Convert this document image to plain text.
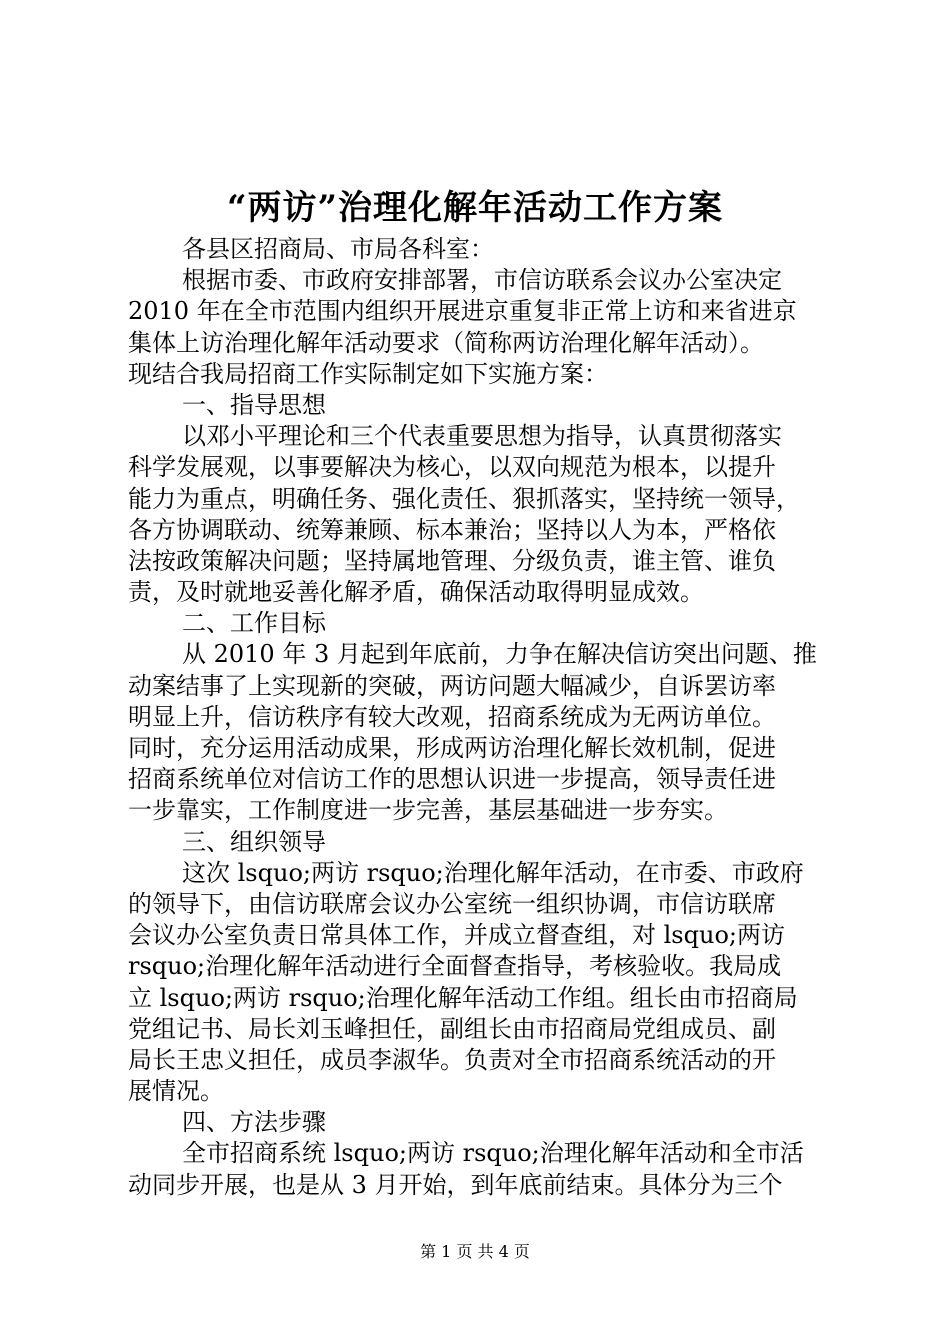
“两访”治理化解年活动工作方案
各县区招商局、市局各科室：
根据市委、市政府安排部署，市信访联系会议办公室决定
2010 年在全市范围内组织开展进京重复非正常上访和来省进京
集体上访治理化解年活动要求（简称两访治理化解年活动）。
现结合我局招商工作实际制定如下实施方案：
一、指导思想
以邓小平理论和三个代表重要思想为指导，认真贯彻落实
科学发展观，以事要解决为核心，以双向规范为根本，以提升
能力为重点，明确任务、强化责任、狠抓落实，坚持统一领导，
各方协调联动、统筹兼顾、标本兼治；坚持以人为本，严格依
法按政策解决问题；坚持属地管理、分级负责，谁主管、谁负
责，及时就地妥善化解矛盾，确保活动取得明显成效。
二、工作目标
从 2010 年 3 月起到年底前，力争在解决信访突出问题、推
动案结事了上实现新的突破，两访问题大幅减少，自诉罢访率
明显上升，信访秩序有较大改观，招商系统成为无两访单位。
同时，充分运用活动成果，形成两访治理化解长效机制，促进
招商系统单位对信访工作的思想认识进一步提高，领导责任进
一步靠实，工作制度进一步完善，基层基础进一步夯实。
三、组织领导
这次 lsquo;两访 rsquo;治理化解年活动，在市委、市政府
的领导下，由信访联席会议办公室统一组织协调，市信访联席
会议办公室负责日常具体工作，并成立督查组，对 lsquo;两访
rsquo;治理化解年活动进行全面督查指导，考核验收。我局成
立 lsquo;两访 rsquo;治理化解年活动工作组。组长由市招商局
党组记书、局长刘玉峰担任，副组长由市招商局党组成员、副
局长王忠义担任，成员李淑华。负责对全市招商系统活动的开
展情况。
四、方法步骤
全市招商系统 lsquo;两访 rsquo;治理化解年活动和全市活
动同步开展，也是从 3 月开始，到年底前结束。具体分为三个
第 1 页 共 4 页
